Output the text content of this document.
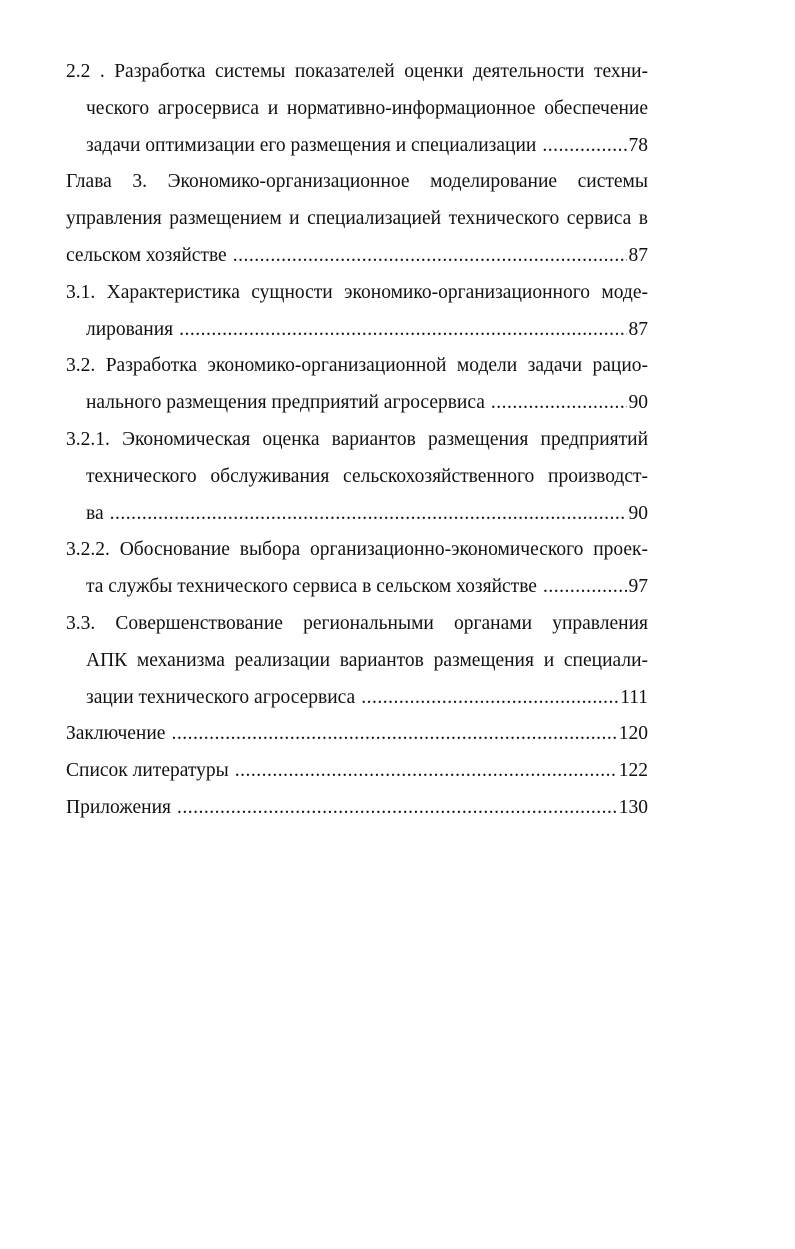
2.2 . Разработка системы показателей оценки деятельности техни-
ческого агросервиса и нормативно-информационное обеспечение
задачи оптимизации его размещения и специализации .....	78
Глава 3. Экономико-организационное моделирование системы
управления размещением и специализацией технического сервиса в
сельском хозяйстве .....	87
3.1. Характеристика сущности экономико-организационного моде-
лирования .....	87
3.2. Разработка экономико-организационной модели задачи рацио-
нального размещения предприятий агросервиса .....	90
3.2.1. Экономическая оценка вариантов размещения предприятий
технического обслуживания сельскохозяйственного производст-
ва .....	90
3.2.2. Обоснование выбора организационно-экономического проек-
та службы технического сервиса в сельском хозяйстве .....	97
3.3. Совершенствование региональными органами управления
АПК механизма реализации вариантов размещения и специали-
зации технического агросервиса .....	111
Заключение .....	120
Список литературы .....	122
Приложения .....	130
